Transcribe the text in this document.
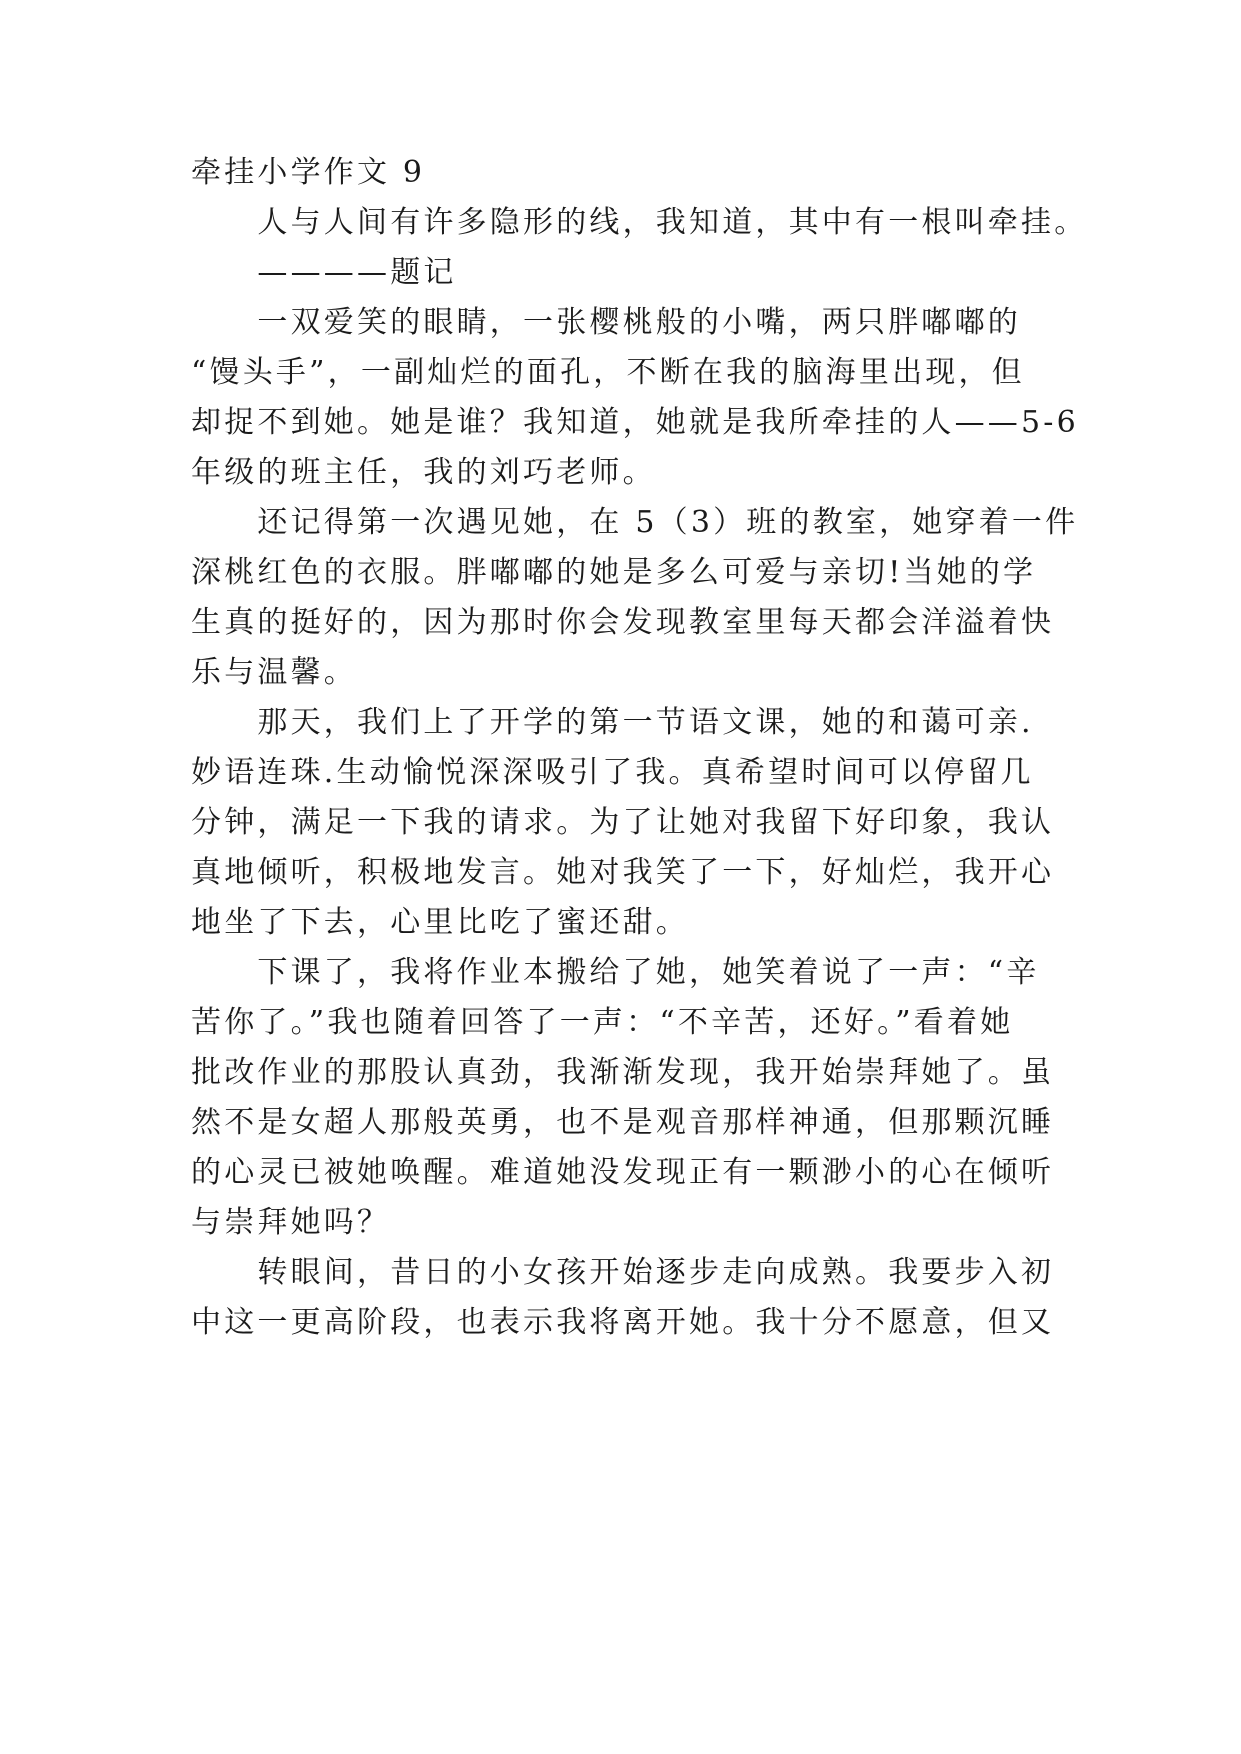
牵挂小学作文 9
　　人与人间有许多隐形的线，我知道，其中有一根叫牵挂。
　　————题记
　　一双爱笑的眼睛，一张樱桃般的小嘴，两只胖嘟嘟的
“馒头手”，一副灿烂的面孔，不断在我的脑海里出现，但
却捉不到她。她是谁？我知道，她就是我所牵挂的人——5-6
年级的班主任，我的刘巧老师。
　　还记得第一次遇见她，在 5（3）班的教室，她穿着一件
深桃红色的衣服。胖嘟嘟的她是多么可爱与亲切!当她的学
生真的挺好的，因为那时你会发现教室里每天都会洋溢着快
乐与温馨。
　　那天，我们上了开学的第一节语文课，她的和蔼可亲.
妙语连珠.生动愉悦深深吸引了我。真希望时间可以停留几
分钟，满足一下我的请求。为了让她对我留下好印象，我认
真地倾听，积极地发言。她对我笑了一下，好灿烂，我开心
地坐了下去，心里比吃了蜜还甜。
　　下课了，我将作业本搬给了她，她笑着说了一声：“辛
苦你了。”我也随着回答了一声：“不辛苦，还好。”看着她
批改作业的那股认真劲，我渐渐发现，我开始崇拜她了。虽
然不是女超人那般英勇，也不是观音那样神通，但那颗沉睡
的心灵已被她唤醒。难道她没发现正有一颗渺小的心在倾听
与崇拜她吗？
　　转眼间，昔日的小女孩开始逐步走向成熟。我要步入初
中这一更高阶段，也表示我将离开她。我十分不愿意，但又
